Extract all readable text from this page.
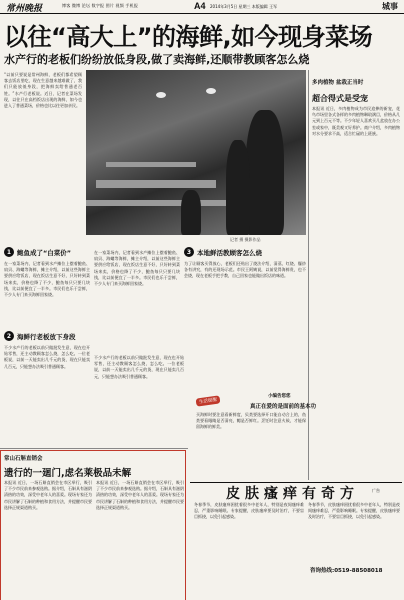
常州晚报	博客 微博 论坛 数字报 图片 视频 手机报	A4 2014年3月5日 星期三 本版编辑 王军	城事
以往“高大上”的海鲜,如今现身菜场
水产行的老板们纷纷放低身段,做了卖海鲜,还顺带教顾客怎么烧
“以前只要说是常州海鲜，老板们都希望顾客去饭店里吃，现在生意越来越难做了，我们只能放低身段，把海鲜卖给普通老百姓。”水产行老板说。近日，记者在菜场发现，以往只在高档饭店出现的海鲜，如今也进入了普通菜场，价格也比以往更加亲民。
记者 摄 摄影作品
多肉植物 盆栽正当时
超合得式是受宠
本报讯 近日，多肉植物成为市民追捧的新宠，花鸟市场里各式各样的多肉植物琳琅满目，价格从几元到上百元不等。不少年轻人喜欢买几盆放在办公室或家中，既美观又好养护。商户介绍，多肉植物对水分要求不高，适合忙碌的上班族。
1 鲍鱼成了“白菜价”
在一家菜场内，记者看到水产摊位上摆着鲍鱼、扇贝、海螺等海鲜，摊主介绍，以前这些海鲜主要供应给饭店，现在饭店生意不好，只好转到菜场来卖，价格也降了不少，鲍鱼每只只要几块钱，比以前便宜了一半多。市民们也乐于尝鲜，不少人专门来买海鲜回家烧。
在一家菜场内，记者看到水产摊位上摆着鲍鱼、扇贝、海螺等海鲜，摊主介绍，以前这些海鲜主要供应给饭店，现在饭店生意不好，只好转到菜场来卖，价格也降了不少，鲍鱼每只只要几块钱，比以前便宜了一半多。市民们也乐于尝鲜，不少人专门来买海鲜回家烧。
3 本地鲜活教顾客怎么烧
为了让顾客买得放心，老板们还贴出了烧法介绍，清蒸、红烧、爆炒各有讲究，有的还现场示范。市民王阿姨说，以前觉得海鲜贵，也不会烧，现在老板手把手教，自己回家也能做出饭店的味道。
2 海鲜行老板放下身段
不少水产行的老板以前只做批发生意，现在也开始零售，还主动教顾客怎么烧，怎么吃。一位老板说，以前一天能卖出几千元的货，现在只能卖几百元，只能想办法吸引普通顾客。
不少水产行的老板以前只做批发生意，现在也开始零售，还主动教顾客怎么烧，怎么吃。一位老板说，以前一天能卖出几千元的货，现在只能卖几百元，只能想办法吸引普通顾客。
生活提醒
小编告您您
真正在爱的是面前的基本功
买海鲜时要注意看新鲜度，贝类要选择开口能自动合上的，鱼类要看眼睛是否清亮，鳃是否鲜红。烹饪时注意火候，才能保留海鲜的鲜美。
常山石斛直销会
遗行的一廻门,虑名莱极品未解
本报讯 近日，一场石斛直销会在市区举行，吸引了不少市民前来参观选购。据介绍，石斛具有滋阴清热的功效，深受中老年人的喜爱。现场专家还为市民讲解了石斛的种植和食用方法，并提醒市民要选择正规渠道购买。
本报讯 近日，一场石斛直销会在市区举行，吸引了不少市民前来参观选购。据介绍，石斛具有滋阴清热的功效，深受中老年人的喜爱。现场专家还为市民讲解了石斛的种植和食用方法，并提醒市民要选择正规渠道购买。
皮肤瘙痒有奇方	广告
冬春季节，皮肤瘙痒困扰着很多中老年人，特别是夜间瘙痒难忍，严重影响睡眠。专家提醒，皮肤瘙痒要及时治疗，不要盲目抓挠，以免引起感染。
冬春季节，皮肤瘙痒困扰着很多中老年人，特别是夜间瘙痒难忍，严重影响睡眠。专家提醒，皮肤瘙痒要及时治疗，不要盲目抓挠，以免引起感染。
咨询热线:0519-88508018
